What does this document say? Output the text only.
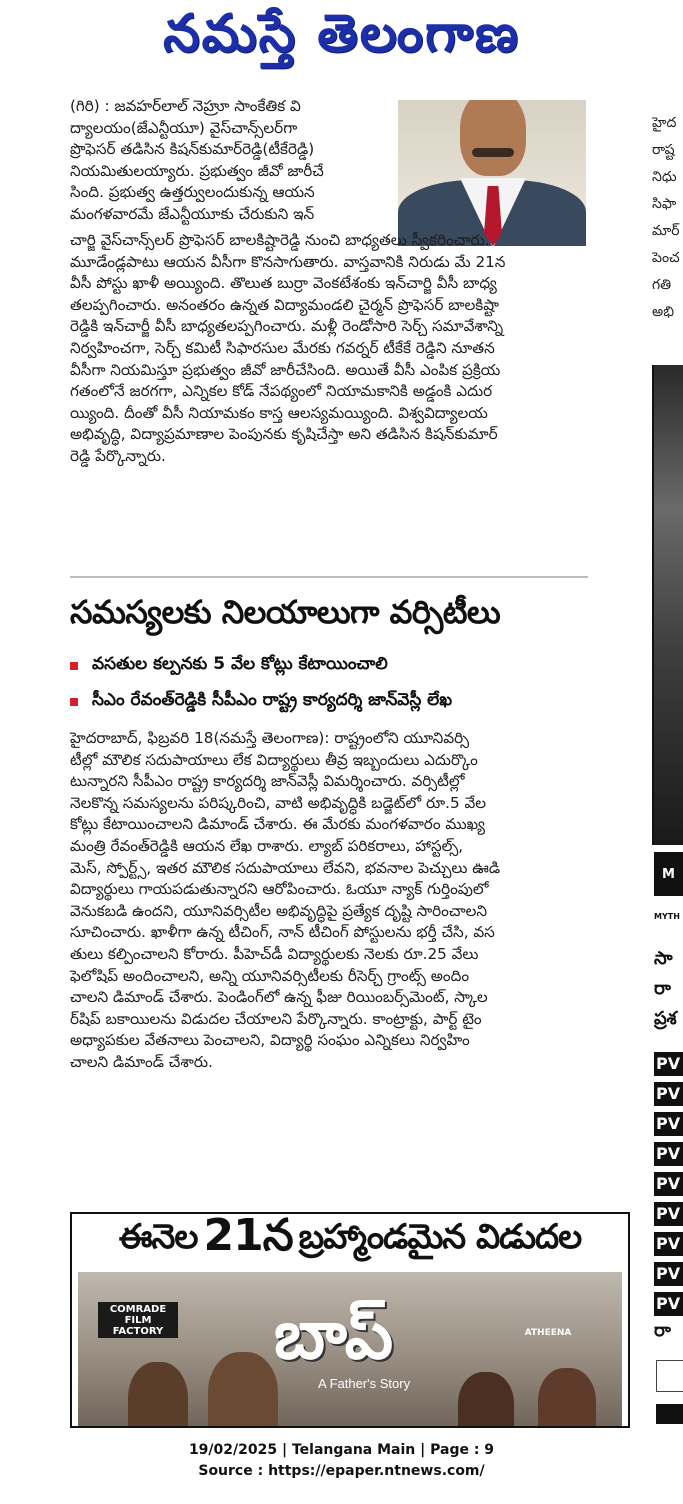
నమస్తే తెలంగాణ
(గిరి) : జవహర్‌లాల్ నెహ్రూ సాంకేతిక వి
ద్యాలయం(జేఎన్టీయూ) వైస్‌చాన్స్‌లర్‌గా
ప్రొఫెసర్ తడిసిన కిషన్‌కుమార్‌రెడ్డి(టీకేరెడ్డి)
నియమితులయ్యారు. ప్రభుత్వం జీవో జారీచే
సింది. ప్రభుత్వ ఉత్తర్వులందుకున్న ఆయన
మంగళవారమే జేఎన్టీయూకు చేరుకుని ఇన్
చార్జి వైస్‌చాన్స్‌లర్ ప్రొఫెసర్ బాలకిష్టారెడ్డి నుంచి బాధ్యతలు స్వీకరించారు.
మూడేండ్లపాటు ఆయన వీసీగా కొనసాగుతారు. వాస్తవానికి నిరుడు మే 21న
వీసీ పోస్టు ఖాళీ అయ్యింది. తొలుత బుర్రా వెంకటేశంకు ఇన్‌చార్జి వీసీ బాధ్య
తలప్పగించారు. అనంతరం ఉన్నత విద్యామండలి చైర్మన్ ప్రొఫెసర్ బాలకిష్టా
రెడ్డికి ఇన్‌చార్జీ వీసీ బాధ్యతలప్పగించారు. మళ్లీ రెండోసారి సెర్చ్ సమావేశాన్ని
నిర్వహించగా, సెర్చ్ కమిటీ సిఫారసుల మేరకు గవర్నర్ టీకేకే రెడ్డిని నూతన
వీసీగా నియమిస్తూ ప్రభుత్వం జీవో జారీచేసింది. అయితే వీసీ ఎంపిక ప్రక్రియ
గతంలోనే జరగగా, ఎన్నికల కోడ్ నేపథ్యంలో నియామకానికి అడ్డంకి ఎదుర
య్యింది. దీంతో వీసీ నియామకం కాస్త ఆలస్యమయ్యింది. విశ్వవిద్యాలయ
అభివృద్ధి, విద్యాప్రమాణాల పెంపునకు కృషిచేస్తా అని తడిసిన కిషన్‌కుమార్
రెడ్డి పేర్కొన్నారు.
సమస్యలకు నిలయాలుగా వర్సిటీలు
వసతుల కల్పనకు 5 వేల కోట్లు కేటాయించాలి
సీఎం రేవంత్‌రెడ్డికి సీపీఎం రాష్ట్ర కార్యదర్శి జాన్‌వెస్లీ లేఖ
హైదరాబాద్, ఫిబ్రవరి 18(నమస్తే తెలంగాణ): రాష్ట్రంలోని యూనివర్సి
టీల్లో మౌలిక సదుపాయాలు లేక విద్యార్థులు తీవ్ర ఇబ్బందులు ఎదుర్కొం
టున్నారని సీపీఎం రాష్ట్ర కార్యదర్శి జాన్‌వెస్లీ విమర్శించారు. వర్సిటీల్లో
నెలకొన్న సమస్యలను పరిష్కరించి, వాటి అభివృద్ధికి బడ్జెట్‌లో రూ.5 వేల
కోట్లు కేటాయించాలని డిమాండ్ చేశారు. ఈ మేరకు మంగళవారం ముఖ్య
మంత్రి రేవంత్‌రెడ్డికి ఆయన లేఖ రాశారు. ల్యాబ్ పరికరాలు, హాస్టల్స్,
మెస్, స్పోర్ట్స్, ఇతర మౌలిక సదుపాయాలు లేవని, భవనాల పెచ్చులు ఊడి
విద్యార్థులు గాయపడుతున్నారని ఆరోపించారు. ఓయూ న్యాక్ గుర్తింపులో
వెనుకబడి ఉందని, యూనివర్సిటీల అభివృద్ధిపై ప్రత్యేక దృష్టి సారించాలని
సూచించారు. ఖాళీగా ఉన్న టీచింగ్, నాన్ టీచింగ్ పోస్టులను భర్తీ చేసి, వస
తులు కల్పించాలని కోరారు. పీహెచ్‌డీ విద్యార్థులకు నెలకు రూ.25 వేలు
ఫెలోషిప్ అందించాలని, అన్ని యూనివర్సిటీలకు రీసెర్చ్ గ్రాంట్స్ అందిం
చాలని డిమాండ్ చేశారు. పెండింగ్‌లో ఉన్న ఫీజు రియింబర్స్‌మెంట్, స్కాల
ర్‌షిప్ బకాయిలను విడుదల చేయాలని పేర్కొన్నారు. కాంట్రాక్టు, పార్ట్ టైం
అధ్యాపకుల వేతనాలు పెంచాలని, విద్యార్థి సంఘం ఎన్నికలు నిర్వహిం
చాలని డిమాండ్ చేశారు.
హైద
రాష్ట
నిధు
సిఫా
మార్
పెంచ
గతి
అభి
M
MYTH
సా
రా
ప్రశ
PV
PV
PV
PV
PV
PV
PV
PV
PV
రా
ఈనెల 21న బ్రహ్మాండమైన విడుదల
COMRADE FILM FACTORY	ATHEENA
బాప్
A Father's Story
19/02/2025 | Telangana Main | Page : 9
Source : https://epaper.ntnews.com/
